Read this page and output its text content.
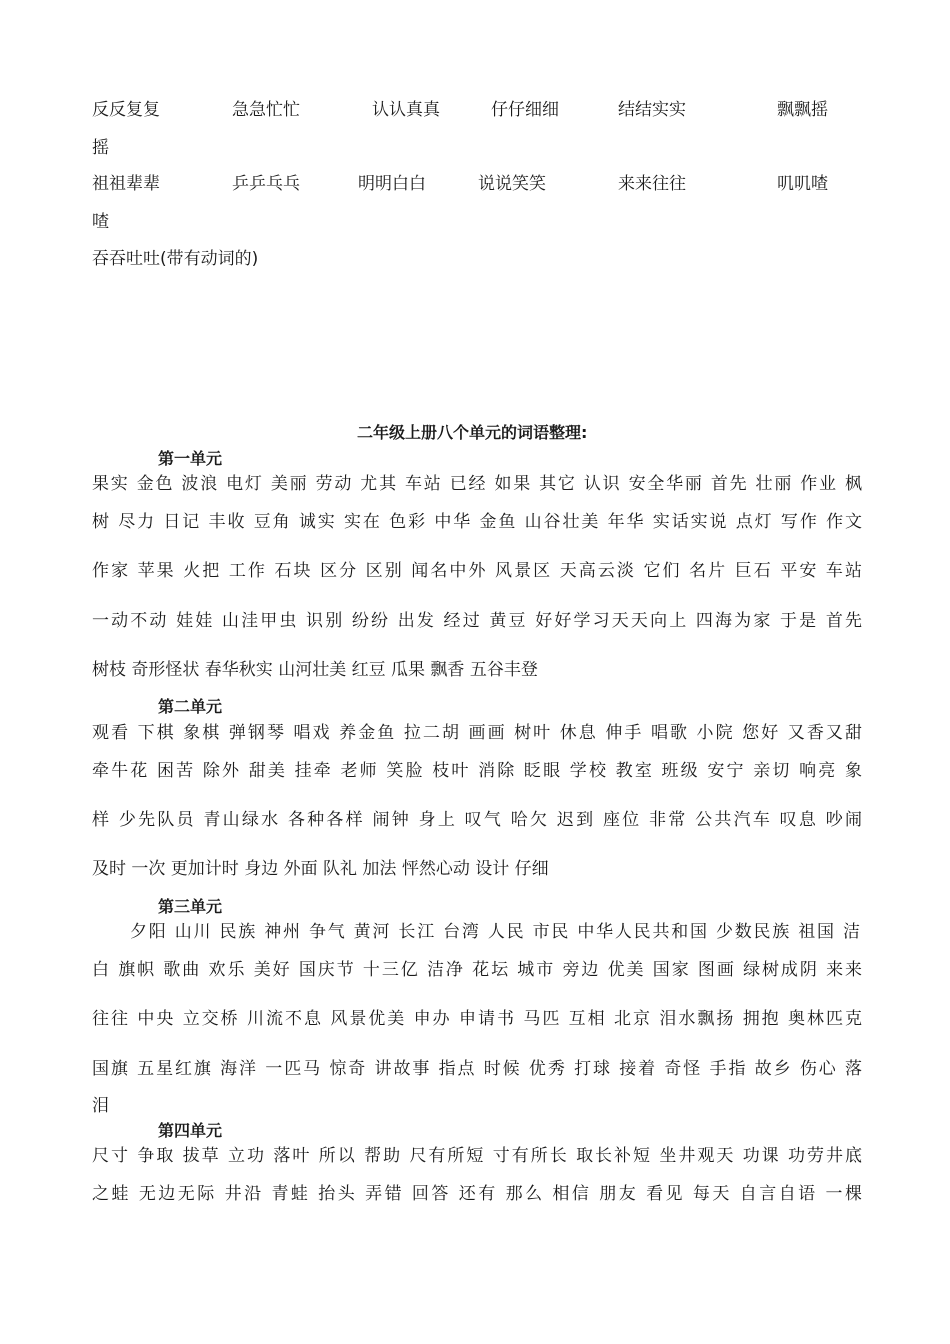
反反复复	急急忙忙	认认真真	仔仔细细	结结实实	飘飘摇
摇
祖祖辈辈	乒乒乓乓	明明白白	说说笑笑	来来往往	叽叽喳
喳
吞吞吐吐(带有动词的)
二年级上册八个单元的词语整理:
第一单元
果实 金色 波浪 电灯 美丽 劳动 尤其 车站 已经 如果 其它 认识 安全华丽 首先 壮丽 作业 枫
树 尽力 日记 丰收 豆角 诚实 实在 色彩 中华 金鱼 山谷壮美 年华 实话实说 点灯 写作 作文
作家 苹果 火把 工作 石块 区分 区别 闻名中外 风景区 天高云淡 它们 名片 巨石 平安 车站
一动不动 娃娃 山洼甲虫 识别 纷纷 出发 经过 黄豆 好好学习天天向上 四海为家 于是 首先
树枝 奇形怪状 春华秋实 山河壮美 红豆 瓜果 飘香 五谷丰登
第二单元
观看 下棋 象棋 弹钢琴 唱戏 养金鱼 拉二胡 画画 树叶 休息 伸手 唱歌 小院 您好 又香又甜
牵牛花 困苦 除外 甜美 挂牵 老师 笑脸 枝叶 消除 眨眼 学校 教室 班级 安宁 亲切 响亮 象
样 少先队员 青山绿水 各种各样 闹钟 身上 叹气 哈欠 迟到 座位 非常 公共汽车 叹息 吵闹
及时 一次 更加计时 身边 外面 队礼 加法 怦然心动 设计 仔细
第三单元
夕阳 山川 民族 神州 争气 黄河 长江 台湾 人民 市民 中华人民共和国 少数民族 祖国 洁
白 旗帜 歌曲 欢乐 美好 国庆节 十三亿 洁净 花坛 城市 旁边 优美 国家 图画 绿树成阴 来来
往往 中央 立交桥 川流不息 风景优美 申办 申请书 马匹 互相 北京 泪水飘扬 拥抱 奥林匹克
国旗 五星红旗 海洋 一匹马 惊奇 讲故事 指点 时候 优秀 打球 接着 奇怪 手指 故乡 伤心 落
泪
第四单元
尺寸 争取 拔草 立功 落叶 所以 帮助 尺有所短 寸有所长 取长补短 坐井观天 功课 功劳井底
之蛙 无边无际 井沿 青蛙 抬头 弄错 回答 还有 那么 相信 朋友 看见 每天 自言自语 一棵
